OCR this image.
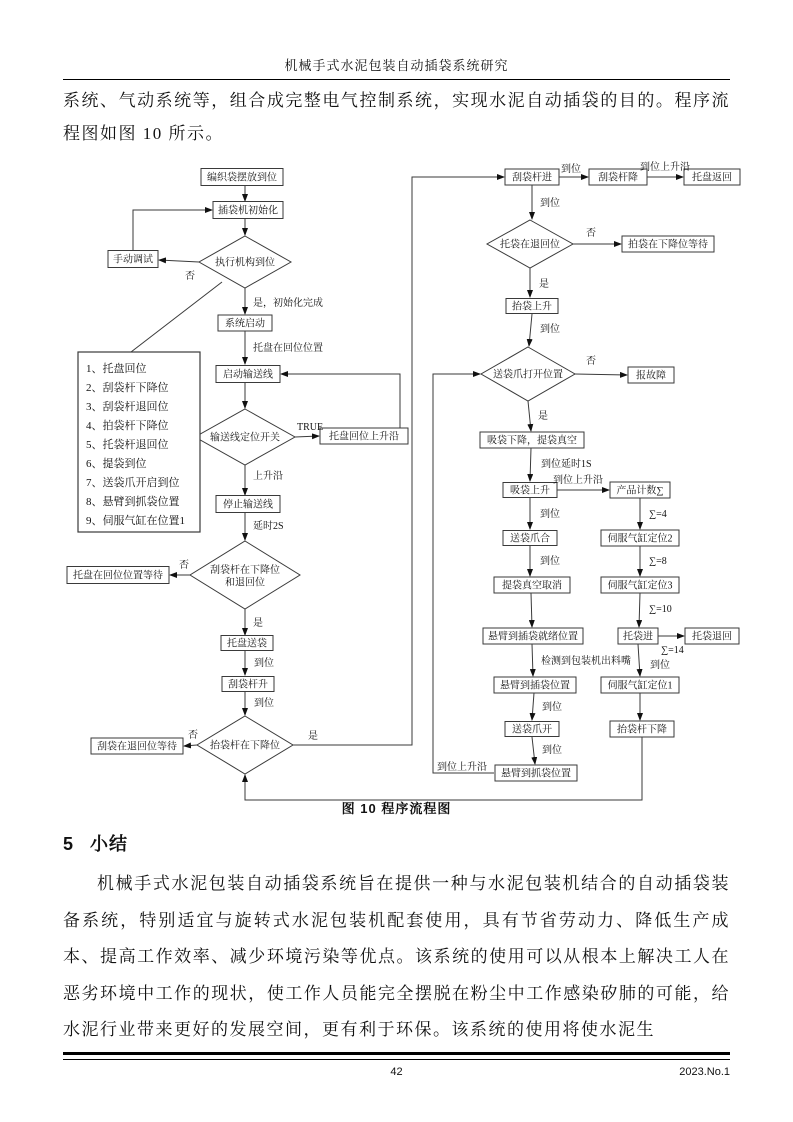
机械手式水泥包装自动插袋系统研究
系统、气动系统等，组合成完整电气控制系统，实现水泥自动插袋的目的。程序流程图如图 10 所示。
编织袋摆放到位
插袋机初始化
执行机构到位
手动调试
系统启动
启动输送线
输送线定位开关	托盘回位上升沿
停止输送线
刮袋杆在下降位
和退回位
托盘在回位位置等待
托盘送袋
刮袋杆升
抬袋杆在下降位
刮袋在退回位等待
刮袋杆进	刮袋杆降	托盘返回
托袋在退回位	拍袋在下降位等待
抬袋上升
送袋爪打开位置	报故障
吸袋下降，提袋真空
吸袋上升	产品计数∑
送袋爪合
提袋真空取消
悬臂到插袋就绪位置
悬臂到插袋位置
送袋爪开
悬臂到抓袋位置
伺服气缸定位2
伺服气缸定位3
托袋进	托袋退回
伺服气缸定位1
抬袋杆下降
否
是，初始化完成
托盘在回位位置
TRUE
上升沿
延时2S
否
是
到位
到位
否	是
到位	到位上升沿
到位
否
是
到位
否
是
到位延时1S
到位上升沿
到位
到位
检测到包装机出料嘴
到位
到位
到位上升沿
∑=4
∑=8
∑=10
∑=14
到位
1、托盘回位
2、刮袋杆下降位
3、刮袋杆退回位
4、拍袋杆下降位
5、托袋杆退回位
6、提袋到位
7、送袋爪开启到位
8、悬臂到抓袋位置
9、伺服气缸在位置1
图 10 程序流程图
5 小结
机械手式水泥包装自动插袋系统旨在提供一种与水泥包装机结合的自动插袋装备系统，特别适宜与旋转式水泥包装机配套使用，具有节省劳动力、降低生产成本、提高工作效率、减少环境污染等优点。该系统的使用可以从根本上解决工人在恶劣环境中工作的现状，使工作人员能完全摆脱在粉尘中工作感染矽肺的可能，给水泥行业带来更好的发展空间，更有利于环保。该系统的使用将使水泥生
42	2023.No.1
